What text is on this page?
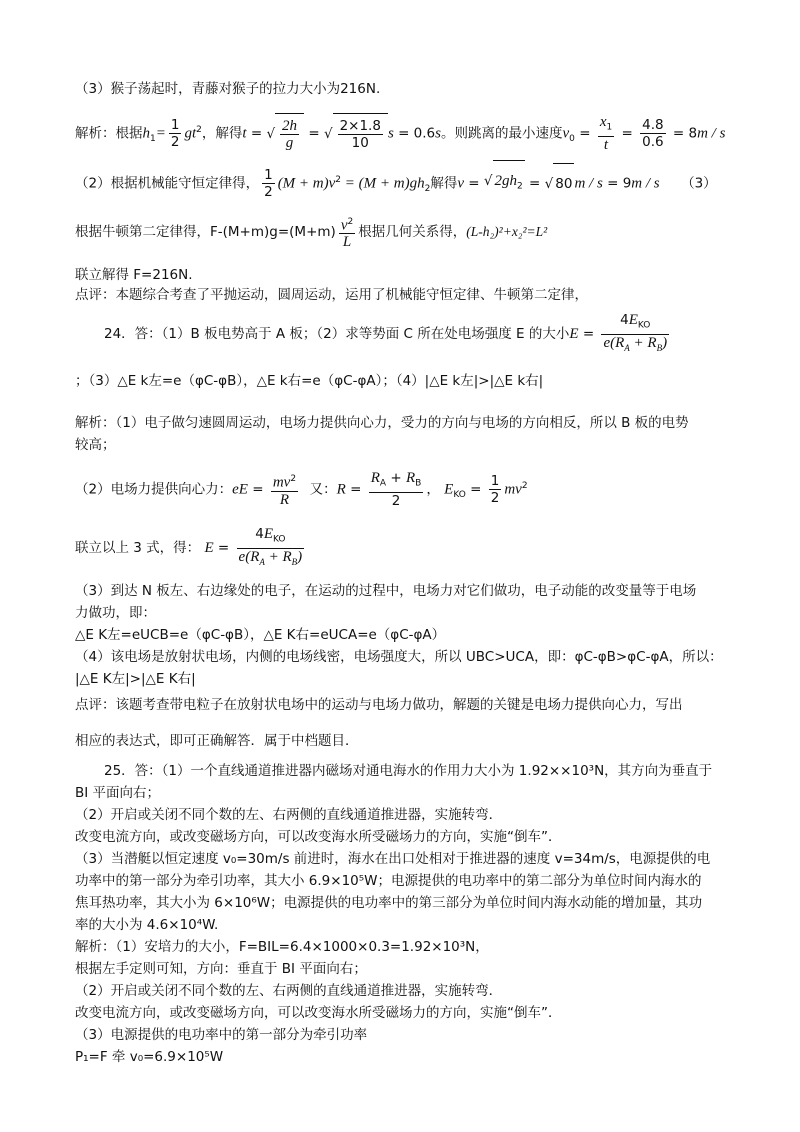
（3）猴子荡起时，青藤对猴子的拉力大小为216N.
解析：根据$h_1= \frac{1}{2} gt^2$，解得t = √ $\frac{2h}{g}$ = √ $\frac{2\times 1.8}{10}$ s = 0.6s。则跳离的最小速度$v_0 = \frac{x_1}{t} = \frac{4.8}{0.6} = 8m / s$
（2）根据机械能守恒定律得， $\frac{1}{2} (M + m)v^2 = (M + m)gh_2$解得v = √ $2gh_2$ = √ 80 m / s = 9m / s （3）
根据牛顿第二定律得，$F-(M+m)g=(M+m) \frac{v^2}{L}$ 根据几何关系得，(L-h₂)²+x₂²=L²
联立解得 F=216N.
点评：本题综合考查了平抛运动，圆周运动，运用了机械能守恒定律、牛顿第二定律，
24．答：（1）B 板电势高于 A 板；（2）求等势面 C 所在处电场强度 E 的大小$E = \frac{4E_{KO}}{e(R_A + R_B)}$
；（3）△E k左=e（φC-φB），△E k右=e（φC-φA）；（4）|△E k左|>|△E k右|
解析：（1）电子做匀速圆周运动，电场力提供向心力，受力的方向与电场的方向相反，所以 B 板的电势
较高；
（2）电场力提供向心力：eE = $\frac{mv^2}{R}$ 又：$R = \frac{R_A + R_B}{2}$ ， $E_{KO} = \frac{1}{2} mv^2$
联立以上 3 式，得： $E = \frac{4E_{KO}}{e(R_A + R_B)}$
（3）到达 N 板左、右边缘处的电子，在运动的过程中，电场力对它们做功，电子动能的改变量等于电场
力做功，即：
△E K左=eUCB=e（φC-φB），△E K右=eUCA=e（φC-φA）
（4）该电场是放射状电场，内侧的电场线密，电场强度大，所以 UBC>UCA，即：φC-φB>φC-φA，所以：
|△E K左|>|△E K右|
点评：该题考查带电粒子在放射状电场中的运动与电场力做功，解题的关键是电场力提供向心力，写出
相应的表达式，即可正确解答．属于中档题目．
25．答：（1）一个直线通道推进器内磁场对通电海水的作用力大小为 1.92××10³N，其方向为垂直于
BI 平面向右；
（2）开启或关闭不同个数的左、右两侧的直线通道推进器，实施转弯．
改变电流方向，或改变磁场方向，可以改变海水所受磁场力的方向，实施“倒车”．
（3）当潜艇以恒定速度 v₀=30m/s 前进时，海水在出口处相对于推进器的速度 v=34m/s，电源提供的电
功率中的第一部分为牵引功率，其大小 6.9×10⁵W；电源提供的电功率中的第二部分为单位时间内海水的
焦耳热功率，其大小为 6×10⁶W；电源提供的电功率中的第三部分为单位时间内海水动能的增加量，其功
率的大小为 4.6×10⁴W.
解析：（1）安培力的大小，F=BIL=6.4×1000×0.3=1.92×10³N，
根据左手定则可知，方向：垂直于 BI 平面向右；
（2）开启或关闭不同个数的左、右两侧的直线通道推进器，实施转弯．
改变电流方向，或改变磁场方向，可以改变海水所受磁场力的方向，实施“倒车”．
（3）电源提供的电功率中的第一部分为牵引功率
P₁=F 牵 v₀=6.9×10⁵W
